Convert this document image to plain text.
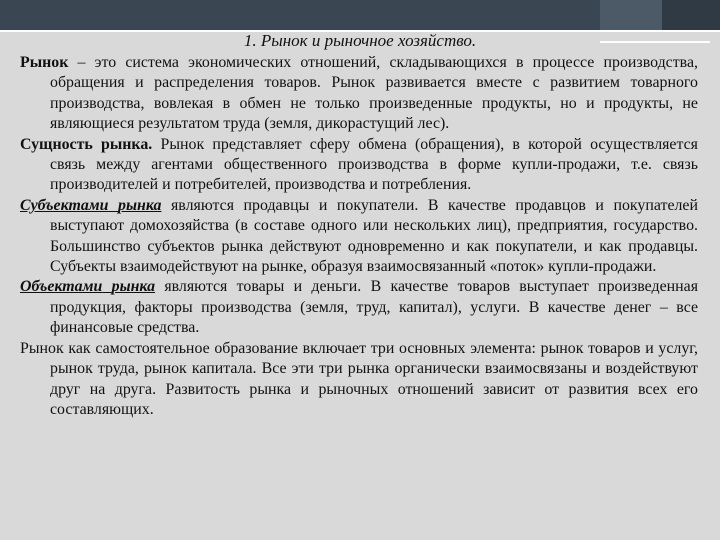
1. Рынок и рыночное хозяйство.

Рынок – это система экономических отношений, складывающихся в процессе производства, обращения и распределения товаров. Рынок развивается вместе с развитием товарного производства, вовлекая в обмен не только произведенные продукты, но и продукты, не являющиеся результатом труда (земля, дикорастущий лес).

Сущность рынка. Рынок представляет сферу обмена (обращения), в которой осуществляется связь между агентами общественного производства в форме купли-продажи, т.е. связь производителей и потребителей, производства и потребления.

Субъектами рынка являются продавцы и покупатели. В качестве продавцов и покупателей выступают домохозяйства (в составе одного или нескольких лиц), предприятия, государство. Большинство субъектов рынка действуют одновременно и как покупатели, и как продавцы. Субъекты взаимодействуют на рынке, образуя взаимосвязанный «поток» купли-продажи.

Объектами рынка являются товары и деньги. В качестве товаров выступает произведенная продукция, факторы производства (земля, труд, капитал), услуги. В качестве денег – все финансовые средства.

Рынок как самостоятельное образование включает три основных элемента: рынок товаров и услуг, рынок труда, рынок капитала. Все эти три рынка органически взаимосвязаны и воздействуют друг на друга. Развитость рынка и рыночных отношений зависит от развития всех его составляющих.
